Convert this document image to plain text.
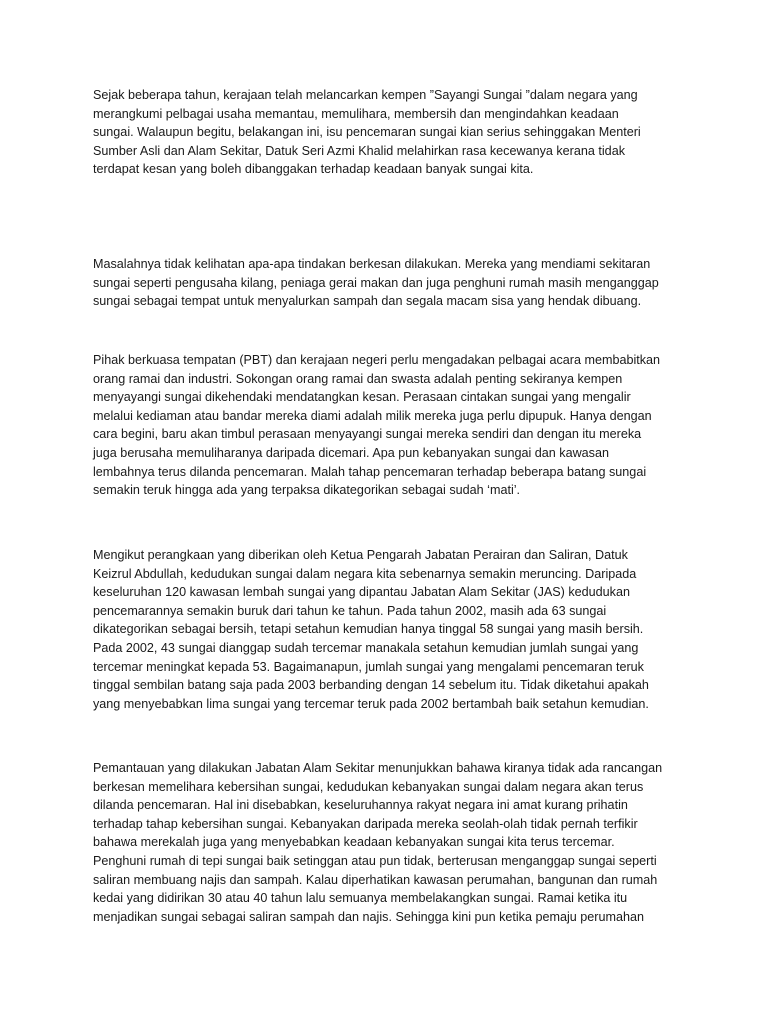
Sejak beberapa tahun, kerajaan telah melancarkan kempen ”Sayangi Sungai ”dalam negara yang
merangkumi pelbagai usaha memantau, memulihara, membersih dan mengindahkan keadaan
sungai. Walaupun begitu, belakangan ini, isu pencemaran sungai kian serius sehinggakan Menteri
Sumber Asli dan Alam Sekitar, Datuk Seri Azmi Khalid melahirkan rasa kecewanya kerana tidak
terdapat kesan yang boleh dibanggakan terhadap keadaan banyak sungai kita.
Masalahnya tidak kelihatan apa-apa tindakan berkesan dilakukan. Mereka yang mendiami sekitaran
sungai seperti pengusaha kilang, peniaga gerai makan dan juga penghuni rumah masih menganggap
sungai sebagai tempat untuk menyalurkan sampah dan segala macam sisa yang hendak dibuang.
Pihak berkuasa tempatan (PBT) dan kerajaan negeri perlu mengadakan pelbagai acara membabitkan
orang ramai dan industri. Sokongan orang ramai dan swasta adalah penting sekiranya kempen
menyayangi sungai dikehendaki mendatangkan kesan. Perasaan cintakan sungai yang mengalir
melalui kediaman atau bandar mereka diami adalah milik mereka juga perlu dipupuk. Hanya dengan
cara begini, baru akan timbul perasaan menyayangi sungai mereka sendiri dan dengan itu mereka
juga berusaha memuliharanya daripada dicemari. Apa pun kebanyakan sungai dan kawasan
lembahnya terus dilanda pencemaran. Malah tahap pencemaran terhadap beberapa batang sungai
semakin teruk hingga ada yang terpaksa dikategorikan sebagai sudah ‘mati’.
Mengikut perangkaan yang diberikan oleh Ketua Pengarah Jabatan Perairan dan Saliran, Datuk
Keizrul Abdullah, kedudukan sungai dalam negara kita sebenarnya semakin meruncing. Daripada
keseluruhan 120 kawasan lembah sungai yang dipantau Jabatan Alam Sekitar (JAS) kedudukan
pencemarannya semakin buruk dari tahun ke tahun. Pada tahun 2002, masih ada 63 sungai
dikategorikan sebagai bersih, tetapi setahun kemudian hanya tinggal 58 sungai yang masih bersih.
Pada 2002, 43 sungai dianggap sudah tercemar manakala setahun kemudian jumlah sungai yang
tercemar meningkat kepada 53. Bagaimanapun, jumlah sungai yang mengalami pencemaran teruk
tinggal sembilan batang saja pada 2003 berbanding dengan 14 sebelum itu. Tidak diketahui apakah
yang menyebabkan lima sungai yang tercemar teruk pada 2002 bertambah baik setahun kemudian.
Pemantauan yang dilakukan Jabatan Alam Sekitar menunjukkan bahawa kiranya tidak ada rancangan
berkesan memelihara kebersihan sungai, kedudukan kebanyakan sungai dalam negara akan terus
dilanda pencemaran. Hal ini disebabkan, keseluruhannya rakyat negara ini amat kurang prihatin
terhadap tahap kebersihan sungai. Kebanyakan daripada mereka seolah-olah tidak pernah terfikir
bahawa merekalah juga yang menyebabkan keadaan kebanyakan sungai kita terus tercemar.
Penghuni rumah di tepi sungai baik setinggan atau pun tidak, berterusan menganggap sungai seperti
saliran membuang najis dan sampah. Kalau diperhatikan kawasan perumahan, bangunan dan rumah
kedai yang didirikan 30 atau 40 tahun lalu semuanya membelakangkan sungai. Ramai ketika itu
menjadikan sungai sebagai saliran sampah dan najis. Sehingga kini pun ketika pemaju perumahan
